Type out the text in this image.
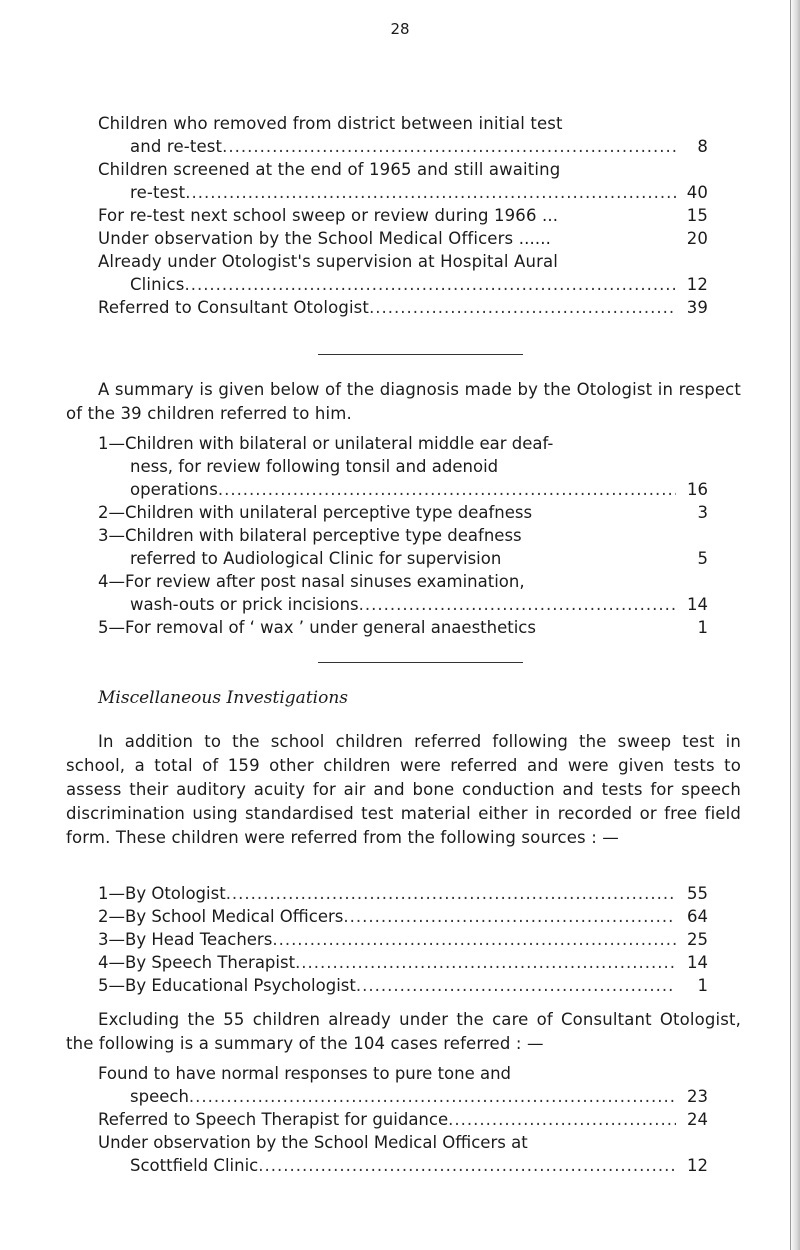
28
Children who removed from district between initial test
and re-test .....	8
Children screened at the end of 1965 and still awaiting
re-test .....	40
For re-test next school sweep or review during 1966 ...	15
Under observation by the School Medical Officers ......	20
Already under Otologist's supervision at Hospital Aural
Clinics .....	12
Referred to Consultant Otologist .....	39

A summary is given below of the diagnosis made by the Otologist in respect of the 39 children referred to him.

1 — Children with bilateral or unilateral middle ear deaf-
ness, for review following tonsil and adenoid
operations .....	16
2—Children with unilateral perceptive type deafness	3
3 — Children with bilateral perceptive type deafness
referred to Audiological Clinic for supervision	5
4 — For review after post nasal sinuses examination,
wash-outs or prick incisions .....	14
5—For removal of ‘ wax ’ under general anaesthetics	1
Miscellaneous Investigations

In addition to the school children referred following the sweep test in school, a total of 159 other children were referred and were given tests to assess their auditory acuity for air and bone conduction and tests for speech discrimination using standardised test material either in recorded or free field form. These children were referred from the following sources : —

1—By Otologist .....	55
2—By School Medical Officers .....	64
3—By Head Teachers .....	25
4—By Speech Therapist .....	14
5—By Educational Psychologist .....	1

Excluding the 55 children already under the care of Consultant Otologist, the following is a summary of the 104 cases referred : —

Found to have normal responses to pure tone and
speech .....	23
Referred to Speech Therapist for guidance .....	24
Under observation by the School Medical Officers at
Scottfield Clinic .....	12
